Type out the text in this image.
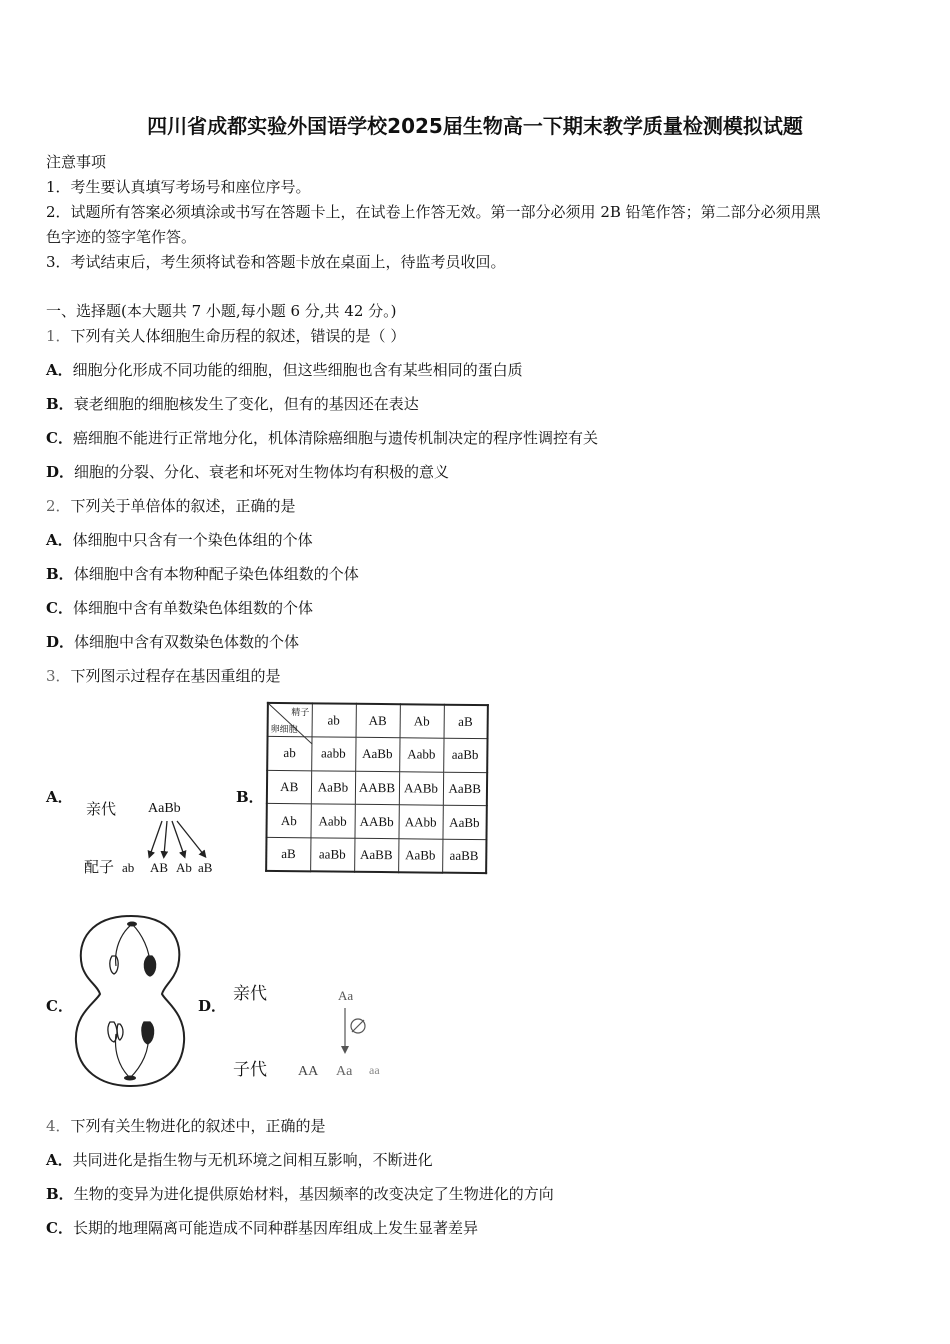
四川省成都实验外国语学校2025届生物高一下期末教学质量检测模拟试题
注意事项
1．考生要认真填写考场号和座位序号。
2．试题所有答案必须填涂或书写在答题卡上，在试卷上作答无效。第一部分必须用 2B 铅笔作答；第二部分必须用黑
色字迹的签字笔作答。
3．考试结束后，考生须将试卷和答题卡放在桌面上，待监考员收回。
一、选择题(本大题共 7 小题,每小题 6 分,共 42 分。)
1．下列有关人体细胞生命历程的叙述，错误的是（ ）
A．细胞分化形成不同功能的细胞，但这些细胞也含有某些相同的蛋白质
B．衰老细胞的细胞核发生了变化，但有的基因还在表达
C．癌细胞不能进行正常地分化，机体清除癌细胞与遗传机制决定的程序性调控有关
D．细胞的分裂、分化、衰老和坏死对生物体均有积极的意义
2．下列关于单倍体的叙述，正确的是
A．体细胞中只含有一个染色体组的个体
B．体细胞中含有本物种配子染色体组数的个体
C．体细胞中含有单数染色体组数的个体
D．体细胞中含有双数染色体数的个体
3．下列图示过程存在基因重组的是
A．
亲代 AaBb
配子 ab AB Ab aB
B．
精子
卵细胞	ab	AB	Ab	aB
ab	aabb	AaBb	Aabb	aaBb
AB	AaBb	AABB	AABb	AaBB
Ab	Aabb	AABb	AAbb	AaBb
aB	aaBb	AaBB	AaBb	aaBB
C．	D．
亲代	Aa
子代 AA Aa aa
4．下列有关生物进化的叙述中，正确的是
A．共同进化是指生物与无机环境之间相互影响，不断进化
B．生物的变异为进化提供原始材料，基因频率的改变决定了生物进化的方向
C．长期的地理隔离可能造成不同种群基因库组成上发生显著差异
